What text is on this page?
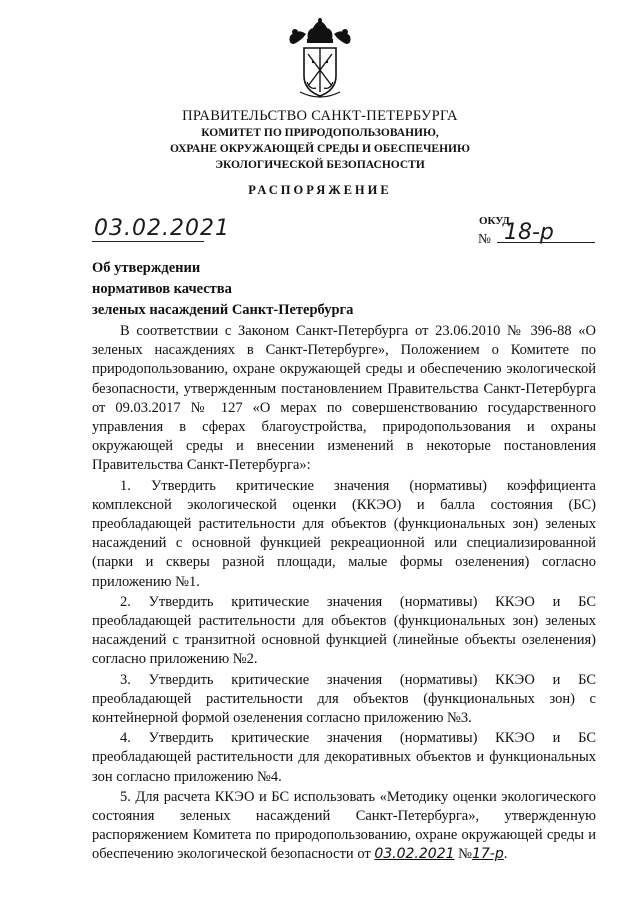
ПРАВИТЕЛЬСТВО САНКТ-ПЕТЕРБУРГА
КОМИТЕТ ПО ПРИРОДОПОЛЬЗОВАНИЮ,
ОХРАНЕ ОКРУЖАЮЩЕЙ СРЕДЫ И ОБЕСПЕЧЕНИЮ
ЭКОЛОГИЧЕСКОЙ БЕЗОПАСНОСТИ
РАСПОРЯЖЕНИЕ
03.02.2021	ОКУД
№ 18-р
Об утверждении
нормативов качества
зеленых насаждений Санкт-Петербурга

В соответствии с Законом Санкт-Петербурга от 23.06.2010 № 396-88 «О зеленых насаждениях в Санкт-Петербурге», Положением о Комитете по природопользованию, охране окружающей среды и обеспечению экологической безопасности, утвержденным постановлением Правительства Санкт-Петербурга от 09.03.2017 № 127 «О мерах по совершенствованию государственного управления в сферах благоустройства, природопользования и охраны окружающей среды и внесении изменений в некоторые постановления Правительства Санкт-Петербурга»:

1. Утвердить критические значения (нормативы) коэффициента комплексной экологической оценки (ККЭО) и балла состояния (БС) преобладающей растительности для объектов (функциональных зон) зеленых насаждений с основной функцией рекреационной или специализированной (парки и скверы разной площади, малые формы озеленения) согласно приложению №1.

2. Утвердить критические значения (нормативы) ККЭО и БС преобладающей растительности для объектов (функциональных зон) зеленых насаждений с транзитной основной функцией (линейные объекты озеленения) согласно приложению №2.

3. Утвердить критические значения (нормативы) ККЭО и БС преобладающей растительности для объектов (функциональных зон) с контейнерной формой озеленения согласно приложению №3.

4. Утвердить критические значения (нормативы) ККЭО и БС преобладающей растительности для декоративных объектов и функциональных зон согласно приложению №4.

5. Для расчета ККЭО и БС использовать «Методику оценки экологического состояния зеленых насаждений Санкт-Петербурга», утвержденную распоряжением Комитета по природопользованию, охране окружающей среды и обеспечению экологической безопасности от 03.02.2021 №17-р.
